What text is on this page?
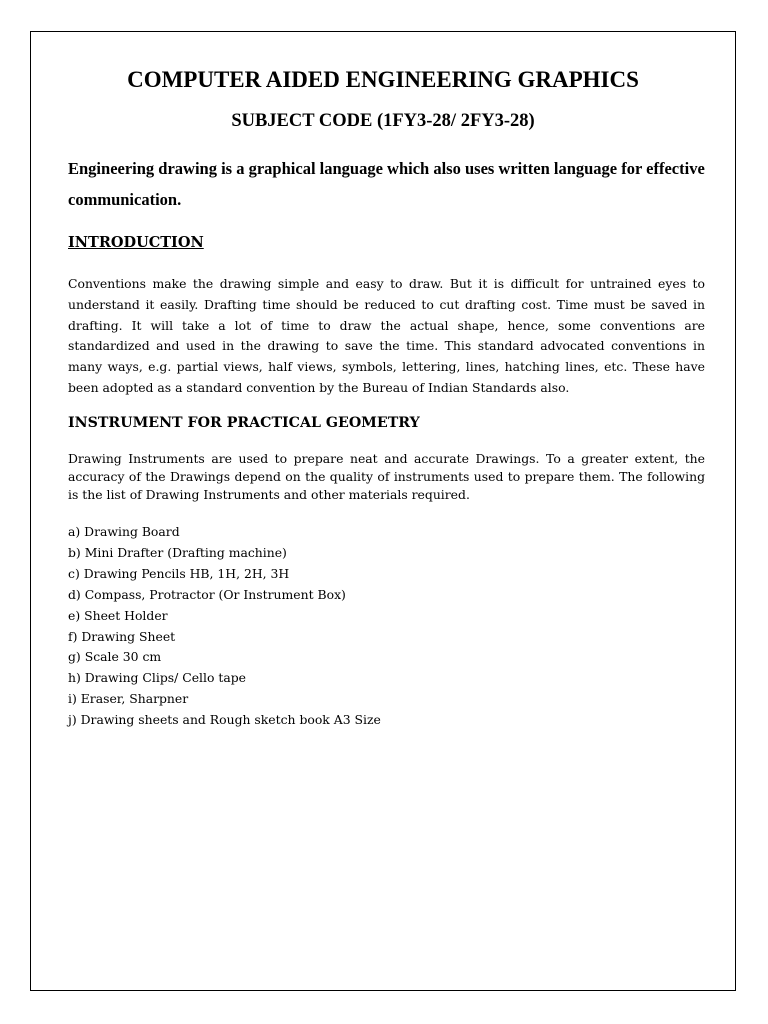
COMPUTER AIDED ENGINEERING GRAPHICS
SUBJECT CODE (1FY3-28/ 2FY3-28)

Engineering drawing is a graphical language which also uses written language for effective communication.

INTRODUCTION

Conventions make the drawing simple and easy to draw. But it is difficult for untrained eyes to understand it easily. Drafting time should be reduced to cut drafting cost. Time must be saved in drafting. It will take a lot of time to draw the actual shape, hence, some conventions are standardized and used in the drawing to save the time. This standard advocated conventions in many ways, e.g. partial views, half views, symbols, lettering, lines, hatching lines, etc. These have been adopted as a standard convention by the Bureau of Indian Standards also.

INSTRUMENT FOR PRACTICAL GEOMETRY

Drawing Instruments are used to prepare neat and accurate Drawings. To a greater extent, the accuracy of the Drawings depend on the quality of instruments used to prepare them. The following is the list of Drawing Instruments and other materials required.

a) Drawing Board
b) Mini Drafter (Drafting machine)
c) Drawing Pencils HB, 1H, 2H, 3H
d) Compass, Protractor (Or Instrument Box)
e) Sheet Holder
f) Drawing Sheet
g) Scale 30 cm
h) Drawing Clips/ Cello tape
i) Eraser, Sharpner
j) Drawing sheets and Rough sketch book A3 Size
